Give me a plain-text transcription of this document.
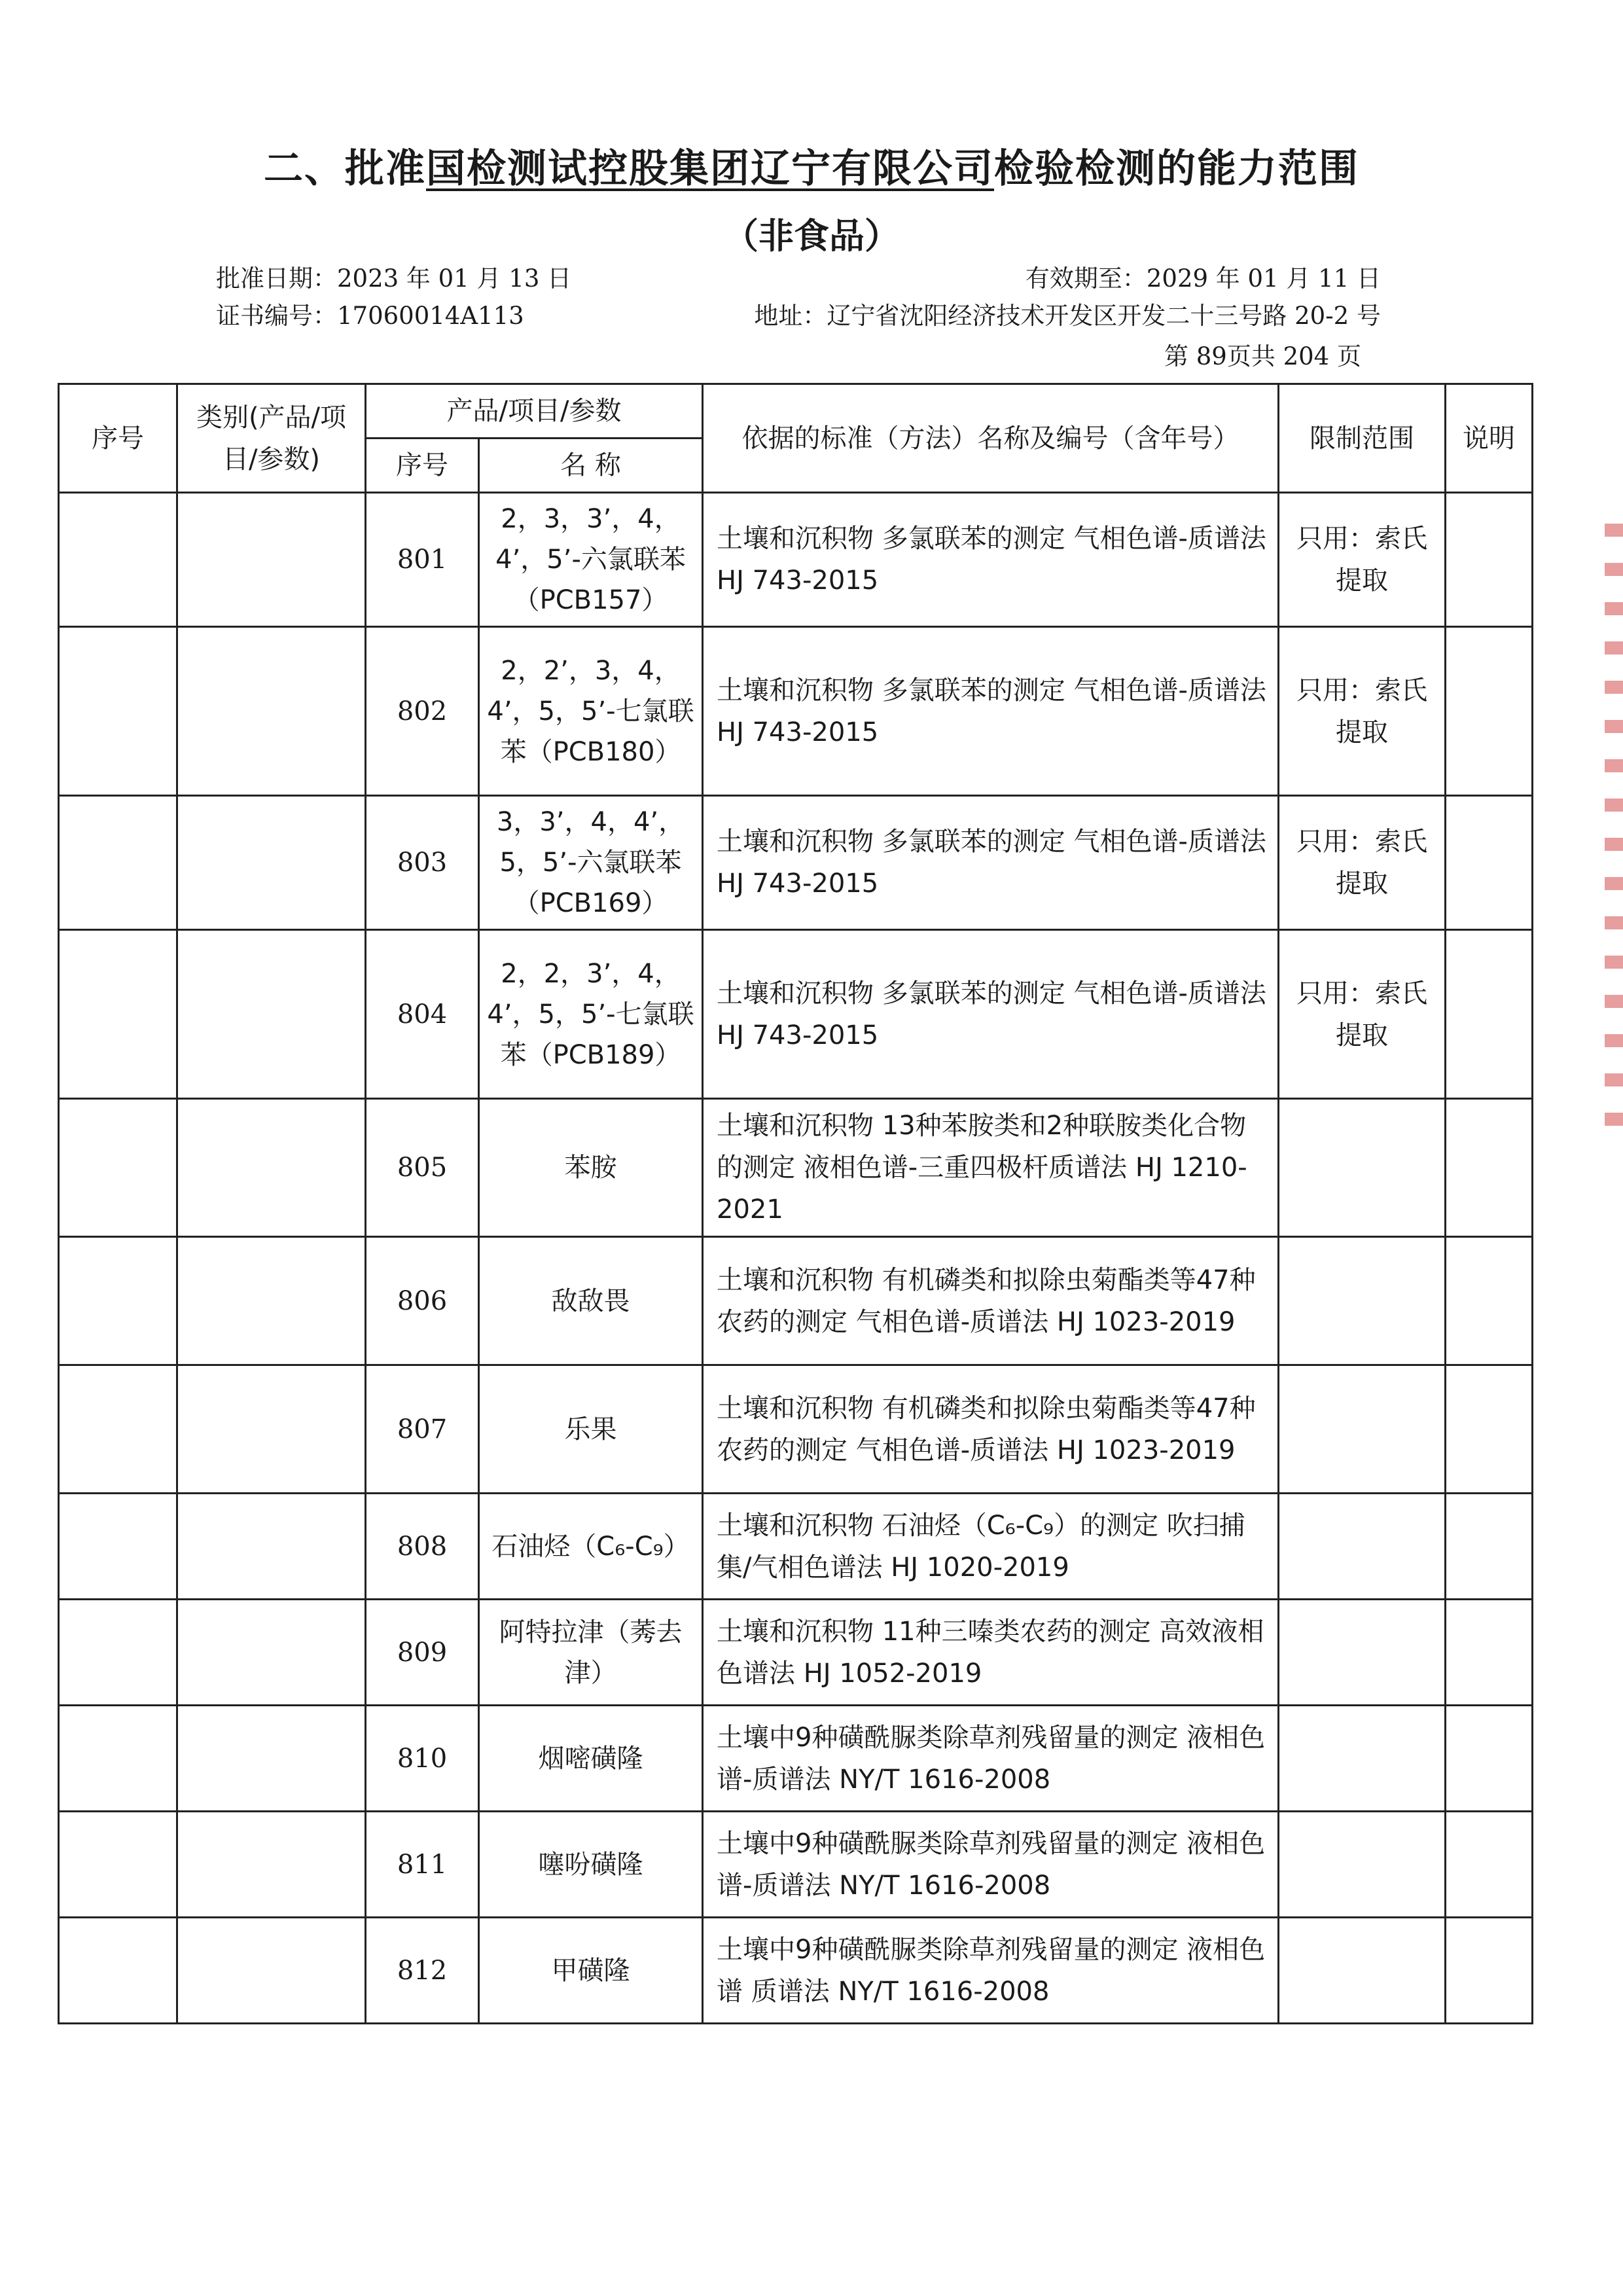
二、批准国检测试控股集团辽宁有限公司检验检测的能力范围
（非食品）
批准日期：2023 年 01 月 13 日	有效期至：2029 年 01 月 11 日
证书编号：17060014A113	地址：辽宁省沈阳经济技术开发区开发二十三号路 20-2 号
第 89页共 204 页
序号	类别(产品/项目/参数)	产品/项目/参数		依据的标准（方法）名称及编号（含年号）	限制范围	说明
		序号	名 称			
		801	2，3，3’，4，4’，5’-六氯联苯（PCB157）	土壤和沉积物 多氯联苯的测定 气相色谱-质谱法 HJ 743-2015	只用：索氏提取	
		802	2，2’，3，4，4’，5，5’-七氯联苯（PCB180）	土壤和沉积物 多氯联苯的测定 气相色谱-质谱法 HJ 743-2015	只用：索氏提取	
		803	3，3’，4，4’，5，5’-六氯联苯（PCB169）	土壤和沉积物 多氯联苯的测定 气相色谱-质谱法 HJ 743-2015	只用：索氏提取	
		804	2，2，3’，4，4’，5，5’-七氯联苯（PCB189）	土壤和沉积物 多氯联苯的测定 气相色谱-质谱法 HJ 743-2015	只用：索氏提取	
		805	苯胺	土壤和沉积物 13种苯胺类和2种联胺类化合物的测定 液相色谱-三重四极杆质谱法 HJ 1210-2021		
		806	敌敌畏	土壤和沉积物 有机磷类和拟除虫菊酯类等47种农药的测定 气相色谱-质谱法 HJ 1023-2019		
		807	乐果	土壤和沉积物 有机磷类和拟除虫菊酯类等47种农药的测定 气相色谱-质谱法 HJ 1023-2019		
		808	石油烃（C₆-C₉）	土壤和沉积物 石油烃（C₆-C₉）的测定 吹扫捕集/气相色谱法 HJ 1020-2019		
		809	阿特拉津（莠去津）	土壤和沉积物 11种三嗪类农药的测定 高效液相色谱法 HJ 1052-2019		
		810	烟嘧磺隆	土壤中9种磺酰脲类除草剂残留量的测定 液相色谱-质谱法 NY/T 1616-2008		
		811	噻吩磺隆	土壤中9种磺酰脲类除草剂残留量的测定 液相色谱-质谱法 NY/T 1616-2008		
		812	甲磺隆	土壤中9种磺酰脲类除草剂残留量的测定 液相色谱 质谱法 NY/T 1616-2008		
